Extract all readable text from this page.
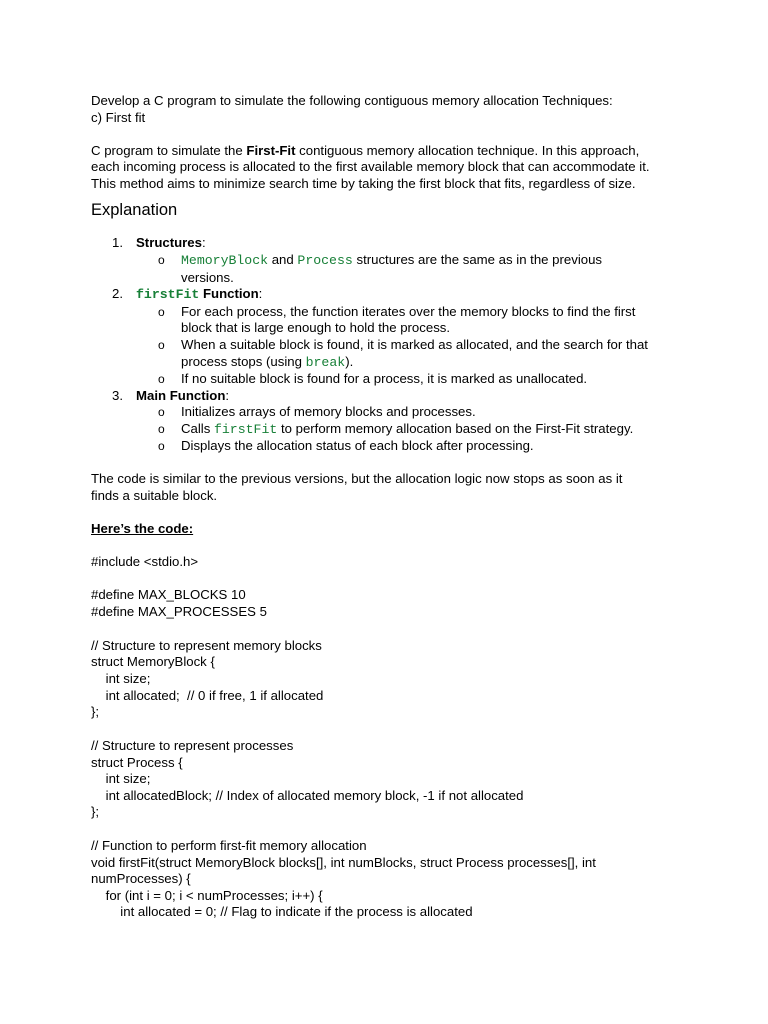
Develop a C program to simulate the following contiguous memory allocation Techniques:

c) First fit

C program to simulate the First-Fit contiguous memory allocation technique. In this approach,

each incoming process is allocated to the first available memory block that can accommodate it.

This method aims to minimize search time by taking the first block that fits, regardless of size.

Explanation
1. Structures:
o MemoryBlock and Process structures are the same as in the previous
versions.
2. firstFit Function:
o For each process, the function iterates over the memory blocks to find the first
block that is large enough to hold the process.
o When a suitable block is found, it is marked as allocated, and the search for that
process stops (using break).
o If no suitable block is found for a process, it is marked as unallocated.
3. Main Function:
o Initializes arrays of memory blocks and processes.
o Calls firstFit to perform memory allocation based on the First-Fit strategy.
o Displays the allocation status of each block after processing.

The code is similar to the previous versions, but the allocation logic now stops as soon as it

finds a suitable block.

Here’s the code:

#include <stdio.h>
#define MAX_BLOCKS 10
#define MAX_PROCESSES 5
// Structure to represent memory blocks
struct MemoryBlock {
int size;
int allocated;  // 0 if free, 1 if allocated
};
// Structure to represent processes
struct Process {
int size;
int allocatedBlock; // Index of allocated memory block, -1 if not allocated
};
// Function to perform first-fit memory allocation
void firstFit(struct MemoryBlock blocks[], int numBlocks, struct Process processes[], int
numProcesses) {
for (int i = 0; i < numProcesses; i++) {
int allocated = 0; // Flag to indicate if the process is allocated
